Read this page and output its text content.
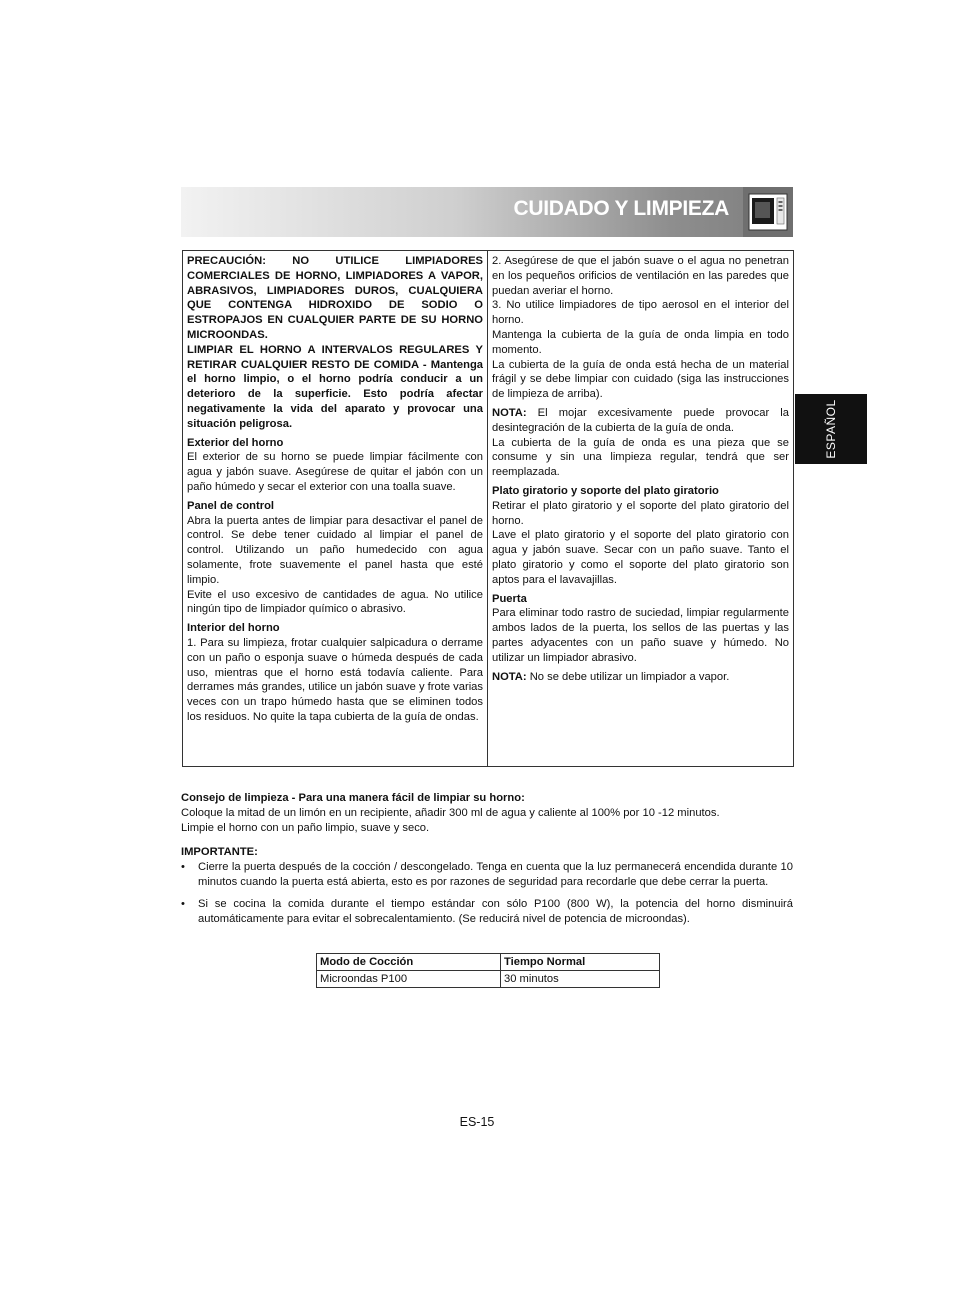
CUIDADO Y LIMPIEZA
ESPAÑOL

PRECAUCIÓN: NO UTILICE LIMPIADORES COMERCIALES DE HORNO, LIMPIADORES A VAPOR, ABRASIVOS, LIMPIADORES DUROS, CUALQUIERA QUE CONTENGA HIDROXIDO DE SODIO O ESTROPAJOS EN CUALQUIER PARTE DE SU HORNO MICROONDAS.

LIMPIAR EL HORNO A INTERVALOS REGULARES Y RETIRAR CUALQUIER RESTO DE COMIDA - Mantenga el horno limpio, o el horno podría conducir a un deterioro de la superficie. Esto podría afectar negativamente la vida del aparato y provocar una situación peligrosa.

Exterior del horno

El exterior de su horno se puede limpiar fácilmente con agua y jabón suave. Asegúrese de quitar el jabón con un paño húmedo y secar el exterior con una toalla suave.

Panel de control

Abra la puerta antes de limpiar para desactivar el panel de control. Se debe tener cuidado al limpiar el panel de control. Utilizando un paño humedecido con agua solamente, frote suavemente el panel hasta que esté limpio.

Evite el uso excesivo de cantidades de agua. No utilice ningún tipo de limpiador químico o abrasivo.

Interior del horno

1. Para su limpieza, frotar cualquier salpicadura o derrame con un paño o esponja suave o húmeda después de cada uso, mientras que el horno está todavía caliente. Para derrames más grandes, utilice un jabón suave y frote varias veces con un trapo húmedo hasta que se eliminen todos los residuos. No quite la tapa cubierta de la guía de ondas.

2. Asegúrese de que el jabón suave o el agua no penetran en los pequeños orificios de ventilación en las paredes que puedan averiar el horno.

3. No utilice limpiadores de tipo aerosol en el interior del horno.

Mantenga la cubierta de la guía de onda limpia en todo momento.

La cubierta de la guía de onda está hecha de un material frágil y se debe limpiar con cuidado (siga las instrucciones de limpieza de arriba).

NOTA: El mojar excesivamente puede provocar la desintegración de la cubierta de la guía de onda.

La cubierta de la guía de onda es una pieza que se consume y sin una limpieza regular, tendrá que ser reemplazada.

Plato giratorio y soporte del plato giratorio

Retirar el plato giratorio y el soporte del plato giratorio del horno.

Lave el plato giratorio y el soporte del plato giratorio con agua y jabón suave. Secar con un paño suave. Tanto el plato giratorio y como el soporte del plato giratorio son aptos para el lavavajillas.

Puerta

Para eliminar todo rastro de suciedad, limpiar regularmente ambos lados de la puerta, los sellos de las puertas y las partes adyacentes con un paño suave y húmedo. No utilizar un limpiador abrasivo.

NOTA: No se debe utilizar un limpiador a vapor.

Consejo de limpieza - Para una manera fácil de limpiar su horno:

Coloque la mitad de un limón en un recipiente, añadir 300 ml de agua y caliente al 100% por 10 -12 minutos.

Limpie el horno con un paño limpio, suave y seco.

IMPORTANTE:

• Cierre la puerta después de la cocción / descongelado. Tenga en cuenta que la luz permanecerá encendida durante 10 minutos cuando la puerta está abierta, esto es por razones de seguridad para recordarle que debe cerrar la puerta.
• Si se cocina la comida durante el tiempo estándar con sólo P100 (800 W), la potencia del horno disminuirá automáticamente para evitar el sobrecalentamiento. (Se reducirá nivel de potencia de microondas).
Modo de Cocción	Tiempo Normal
Microondas P100	30 minutos
ES-15
